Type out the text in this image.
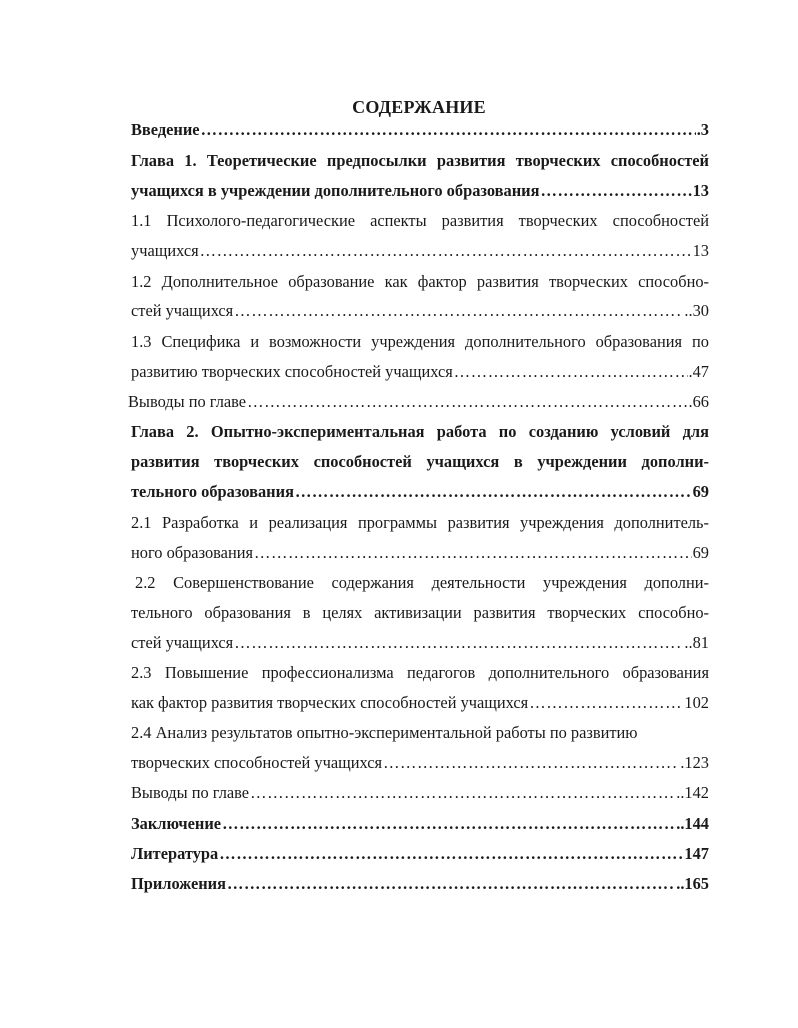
СОДЕРЖАНИЕ
Введение …………………………………………………………………………………………………………………………………………………………………………………………………………	.3
Глава 1. Теоретические предпосылки развития творческих способностей
учащихся в учреждении дополнительного образования …………………………………………………………………………………………………………………………………………………………………………………………………………	13
1.1 Психолого-педагогические аспекты развития творческих способностей
учащихся …………………………………………………………………………………………………………………………………………………………………………………………………………	13
1.2 Дополнительное образование как фактор развития творческих способно-
стей учащихся …………………………………………………………………………………………………………………………………………………………………………………………………………	..30
1.3 Специфика и возможности учреждения дополнительного образования по
развитию творческих способностей учащихся …………………………………………………………………………………………………………………………………………………………………………………………………………	.47
Выводы по главе …………………………………………………………………………………………………………………………………………………………………………………………………………	.66
Глава 2. Опытно-экспериментальная работа по созданию условий для
развития творческих способностей учащихся в учреждении дополни-
тельного образования …………………………………………………………………………………………………………………………………………………………………………………………………………	69
2.1 Разработка и реализация программы развития учреждения дополнитель-
ного образования …………………………………………………………………………………………………………………………………………………………………………………………………………	69
2.2 Совершенствование содержания деятельности учреждения дополни-
тельного образования в целях активизации развития творческих способно-
стей учащихся …………………………………………………………………………………………………………………………………………………………………………………………………………	..81
2.3 Повышение профессионализма педагогов дополнительного образования
как фактор развития творческих способностей учащихся …………………………………………………………………………………………………………………………………………………………………………………………………………	102
2.4 Анализ результатов опытно-экспериментальной работы по развитию
творческих способностей учащихся …………………………………………………………………………………………………………………………………………………………………………………………………………	.123
Выводы по главе …………………………………………………………………………………………………………………………………………………………………………………………………………	..142
Заключение …………………………………………………………………………………………………………………………………………………………………………………………………………	..144
Литература …………………………………………………………………………………………………………………………………………………………………………………………………………	147
Приложения …………………………………………………………………………………………………………………………………………………………………………………………………………	..165
